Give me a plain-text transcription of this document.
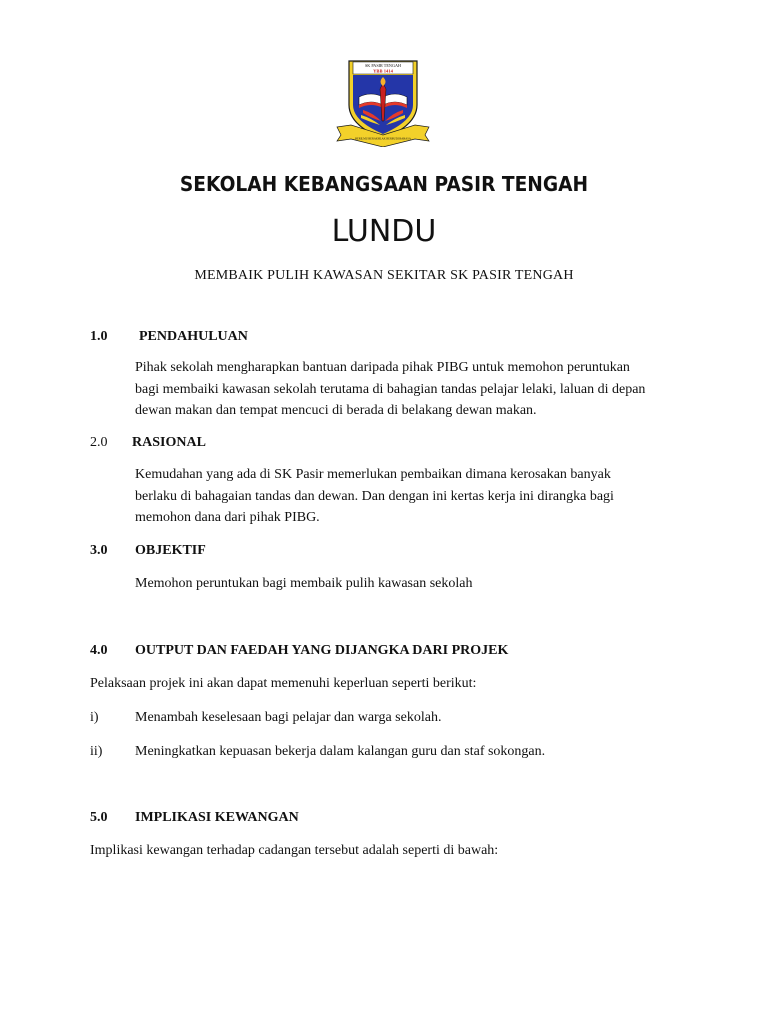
SK PASIR TENGAH
YBB 1414
BERILMU BERAKHLAK BERBUDI BAHASA
SEKOLAH KEBANGSAAN PASIR TENGAH
LUNDU
MEMBAIK PULIH KAWASAN SEKITAR SK PASIR TENGAH
1.0 PENDAHULUAN
Pihak sekolah mengharapkan bantuan daripada pihak PIBG untuk memohon peruntukan
bagi membaiki kawasan sekolah terutama di bahagian tandas pelajar lelaki, laluan di depan
dewan makan dan tempat mencuci di berada di belakang dewan makan.
2.0 RASIONAL
Kemudahan yang ada di SK Pasir memerlukan pembaikan dimana kerosakan banyak
berlaku di bahagaian tandas dan dewan. Dan dengan ini kertas kerja ini dirangka bagi
memohon dana dari pihak PIBG.
3.0 OBJEKTIF
Memohon peruntukan bagi membaik pulih kawasan sekolah
4.0 OUTPUT DAN FAEDAH YANG DIJANGKA DARI PROJEK
Pelaksaan projek ini akan dapat memenuhi keperluan seperti berikut:
i)	Menambah keselesaan bagi pelajar dan warga sekolah.
ii) Meningkatkan kepuasan bekerja dalam kalangan guru dan staf sokongan.
5.0 IMPLIKASI KEWANGAN
Implikasi kewangan terhadap cadangan tersebut adalah seperti di bawah:
